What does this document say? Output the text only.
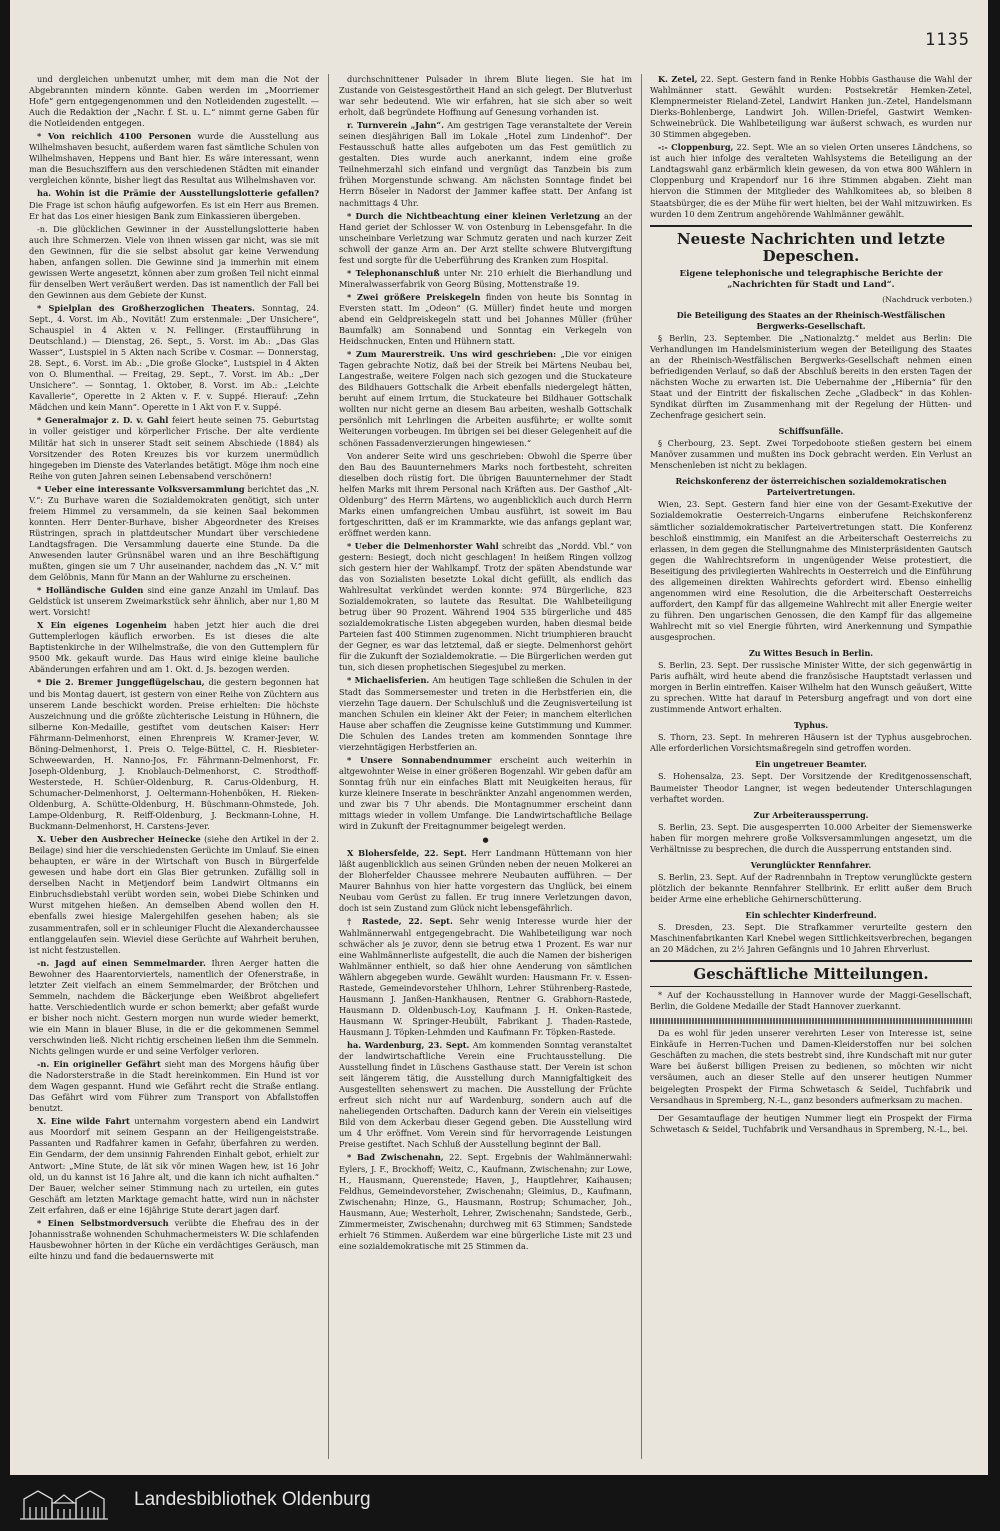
1135

und dergleichen unbenutzt umher, mit dem man die Not der Abgebrannten mindern könnte. Gaben werden im „Moorriemer Hofe“ gern entgegengenommen und den Notleidenden zugestellt. — Auch die Redaktion der „Nachr. f. St. u. L.“ nimmt gerne Gaben für die Notleidenden entgegen.

* Von reichlich 4100 Personen wurde die Ausstellung aus Wilhelmshaven besucht, außerdem waren fast sämtliche Schulen von Wilhelmshaven, Heppens und Bant hier. Es wäre interessant, wenn man die Besuchsziffern aus den verschiedenen Städten mit einander vergleichen könnte, bisher liegt das Resultat aus Wilhelmshaven vor.

ha. Wohin ist die Prämie der Ausstellungslotterie gefallen? Die Frage ist schon häufig aufgeworfen. Es ist ein Herr aus Bremen. Er hat das Los einer hiesigen Bank zum Einkassieren übergeben.

-n. Die glücklichen Gewinner in der Ausstellungslotterie haben auch ihre Schmerzen. Viele von ihnen wissen gar nicht, was sie mit den Gewinnen, für die sie selbst absolut gar keine Verwendung haben, anfangen sollen. Die Gewinne sind ja immerhin mit einem gewissen Werte angesetzt, können aber zum großen Teil nicht einmal für denselben Wert veräußert werden. Das ist namentlich der Fall bei den Gewinnen aus dem Gebiete der Kunst.

* Spielplan des Großherzoglichen Theaters. Sonntag, 24. Sept., 4. Vorst. im Ab., Novität! Zum erstenmale: „Der Unsichere“, Schauspiel in 4 Akten v. N. Fellinger. (Erstaufführung in Deutschland.) — Dienstag, 26. Sept., 5. Vorst. im Ab.: „Das Glas Wasser“, Lustspiel in 5 Akten nach Scribe v. Cosmar. — Donnerstag, 28. Sept., 6. Vorst. im Ab.: „Die große Glocke“, Lustspiel in 4 Akten von O. Blumenthal. — Freitag, 29. Sept., 7. Vorst. im Ab.: „Der Unsichere“. — Sonntag, 1. Oktober, 8. Vorst. im Ab.: „Leichte Kavallerie“, Operette in 2 Akten v. F. v. Suppé. Hierauf: „Zehn Mädchen und kein Mann“. Operette in 1 Akt von F. v. Suppé.

* Generalmajor z. D. v. Gahl feiert heute seinen 75. Geburtstag in voller geistiger und körperlicher Frische. Der alte verdiente Militär hat sich in unserer Stadt seit seinem Abschiede (1884) als Vorsitzender des Roten Kreuzes bis vor kurzem unermüdlich hingegeben im Dienste des Vaterlandes betätigt. Möge ihm noch eine Reihe von guten Jahren seinen Lebensabend verschönern!

* Ueber eine interessante Volksversammlung berichtet das „N. V.“: Zu Burhave waren die Sozialdemokraten genötigt, sich unter freiem Himmel zu versammeln, da sie keinen Saal bekommen konnten. Herr Denter-Burhave, bisher Abgeordneter des Kreises Rüstringen, sprach in plattdeutscher Mundart über verschiedene Landtagsfragen. Die Versammlung dauerte eine Stunde. Da die Anwesenden lauter Grünsnäbel waren und an ihre Beschäftigung mußten, gingen sie um 7 Uhr auseinander, nachdem das „N. V.“ mit dem Gelöbnis, Mann für Mann an der Wahlurne zu erscheinen.

* Holländische Gulden sind eine ganze Anzahl im Umlauf. Das Geldstück ist unserem Zweimarkstück sehr ähnlich, aber nur 1,80 M wert. Vorsicht!

X Ein eigenes Logenheim haben jetzt hier auch die drei Guttemplerlogen käuflich erworben. Es ist dieses die alte Baptistenkirche in der Wilhelmstraße, die von den Guttemplern für 9500 Mk. gekauft wurde. Das Haus wird einige kleine bauliche Abänderungen erfahren und am 1. Okt. d. Js. bezogen werden.

* Die 2. Bremer Junggeflügelschau, die gestern begonnen hat und bis Montag dauert, ist gestern von einer Reihe von Züchtern aus unserem Lande beschickt worden. Preise erhielten: Die höchste Auszeichnung und die größte züchterische Leistung in Hühnern, die silberne Kon-Medaille, gestiftet vom deutschen Kaiser: Herr Fährmann-Delmenhorst, einen Ehrenpreis W. Kramer-Jever, W. Böning-Delmenhorst, 1. Preis O. Telge-Büttel, C. H. Riesbieter-Schweewarden, H. Nanno-Jos, Fr. Fährmann-Delmenhorst, Fr. Joseph-Oldenburg, J. Knoblauch-Delmenhorst, C. Strodthoff-Westerstede, H. Schüer-Oldenburg, R. Carus-Oldenburg, H. Schumacher-Delmenhorst, J. Oeltermann-Hohenböken, H. Rieken-Oldenburg, A. Schütte-Oldenburg, H. Büschmann-Ohmstede, Joh. Lampe-Oldenburg, R. Reiff-Oldenburg, J. Beckmann-Lohne, H. Buckmann-Delmenhorst, H. Carstens-Jever.

X. Ueber den Ausbrecher Heinecke (siehe den Artikel in der 2. Beilage) sind hier die verschiedensten Gerüchte im Umlauf. Sie einen behaupten, er wäre in der Wirtschaft von Busch in Bürgerfelde gewesen und habe dort ein Glas Bier getrunken. Zufällig soll in derselben Nacht in Metjendorf beim Landwirt Oltmanns ein Einbruchsdiebstahl verübt worden sein, wobei Diebe Schinken und Wurst mitgehen hießen. An demselben Abend wollen den H. ebenfalls zwei hiesige Malergehilfen gesehen haben; als sie zusammentrafen, soll er in schleuniger Flucht die Alexanderchaussee entlanggelaufen sein. Wieviel diese Gerüchte auf Wahrheit beruhen, ist nicht festzustellen.

-n. Jagd auf einen Semmelmarder. Ihren Aerger hatten die Bewohner des Haarentorviertels, namentlich der Ofenerstraße, in letzter Zeit vielfach an einem Semmelmarder, der Brötchen und Semmeln, nachdem die Bäckerjunge eben Weißbrot abgeliefert hatte. Verschiedentlich wurde er schon bemerkt; aber gefaßt wurde er bisher noch nicht. Gestern morgen nun wurde wieder bemerkt, wie ein Mann in blauer Bluse, in die er die gekommenen Semmel verschwinden ließ. Nicht richtig erscheinen ließen ihm die Semmeln. Nichts gelingen wurde er und seine Verfolger verloren.

-n. Ein origineller Gefährt sieht man des Morgens häufig über die Nadorsterstraße in die Stadt hereinkommen. Ein Hund ist vor dem Wagen gespannt. Hund wie Gefährt recht die Straße entlang. Das Gefährt wird vom Führer zum Transport von Abfallstoffen benutzt.

X. Eine wilde Fahrt unternahm vorgestern abend ein Landwirt aus Moordorf mit seinem Gespann an der Heiligengeiststraße. Passanten und Radfahrer kamen in Gefahr, überfahren zu werden. Ein Gendarm, der dem unsinnig Fahrenden Einhalt gebot, erhielt zur Antwort: „Mine Stute, de lät sik vör minen Wagen hew, ist 16 Johr old, un du kannst ist 16 Jahre alt, und die kann ich nicht aufhalten.“ Der Bauer, welcher seiner Stimmung nach zu urteilen, ein gutes Geschäft am letzten Marktage gemacht hatte, wird nun in nächster Zeit erfahren, daß er eine 16jährige Stute derart jagen darf.

* Einen Selbstmordversuch verübte die Ehefrau des in der Johannisstraße wohnenden Schuhmachermeisters W. Die schlafenden Hausbewohner hörten in der Küche ein verdächtiges Geräusch, man eilte hinzu und fand die bedauernswerte mit

durchschnittener Pulsader in ihrem Blute liegen. Sie hat im Zustande von Geistesgestörtheit Hand an sich gelegt. Der Blutverlust war sehr bedeutend. Wie wir erfahren, hat sie sich aber so weit erholt, daß begründete Hoffnung auf Genesung vorhanden ist.

r. Turnverein „Jahn“. Am gestrigen Tage veranstaltete der Verein seinen diesjährigen Ball im Lokale „Hotel zum Lindenhof“. Der Festausschuß hatte alles aufgeboten um das Fest gemütlich zu gestalten. Dies wurde auch anerkannt, indem eine große Teilnehmerzahl sich einfand und vergnügt das Tanzbein bis zum frühen Morgenstunde schwang. Am nächsten Sonntage findet bei Herrn Böseler in Nadorst der Jammer kaffee statt. Der Anfang ist nachmittags 4 Uhr.

* Durch die Nichtbeachtung einer kleinen Verletzung an der Hand geriet der Schlosser W. von Ostenburg in Lebensgefahr. In die unscheinbare Verletzung war Schmutz geraten und nach kurzer Zeit schwoll der ganze Arm an. Der Arzt stellte schwere Blutvergiftung fest und sorgte für die Ueberführung des Kranken zum Hospital.

* Telephonanschluß unter Nr. 210 erhielt die Bierhandlung und Mineralwasserfabrik von Georg Büsing, Mottenstraße 19.

* Zwei größere Preiskegeln finden von heute bis Sonntag in Eversten statt. Im „Odeon“ (G. Müller) findet heute und morgen abend ein Geldpreiskegeln statt und bei Johannes Müller (früher Baumfalk) am Sonnabend und Sonntag ein Verkegeln von Heidschnucken, Enten und Hühnern statt.

* Zum Maurerstreik. Uns wird geschrieben: „Die vor einigen Tagen gebrachte Notiz, daß bei der Streik bei Märtens Neubau bei, Langestraße, weitere Folgen nach sich gezogen und die Stuckateure des Bildhauers Gottschalk die Arbeit ebenfalls niedergelegt hätten, beruht auf einem Irrtum, die Stuckateure bei Bildhauer Gottschalk wollten nur nicht gerne an diesem Bau arbeiten, weshalb Gottschalk persönlich mit Lehrlingen die Arbeiten ausführte; er wollte somit Weiterungen vorbeugen. Im übrigen sei bei dieser Gelegenheit auf die schönen Fassadenverzierungen hingewiesen.“

Von anderer Seite wird uns geschrieben: Obwohl die Sperre über den Bau des Bauunternehmers Marks noch fortbesteht, schreiten dieselben doch rüstig fort. Die übrigen Bauunternehmer der Stadt helfen Marks mit ihrem Personal nach Kräften aus. Der Gasthof „Alt-Oldenburg“ des Herrn Märtens, wo augenblicklich auch durch Herrn Marks einen umfangreichen Umbau ausführt, ist soweit im Bau fortgeschritten, daß er im Krammarkte, wie das anfangs geplant war, eröffnet werden kann.

* Ueber die Delmenhorster Wahl schreibt das „Nordd. Vbl.“ von gestern: Besiegt, doch nicht geschlagen! In heißem Ringen vollzog sich gestern hier der Wahlkampf. Trotz der späten Abendstunde war das von Sozialisten besetzte Lokal dicht gefüllt, als endlich das Wahlresultat verkündet werden konnte: 974 Bürgerliche, 823 Sozialdemokraten, so lautete das Resultat. Die Wahlbeteiligung betrug über 90 Prozent. Während 1904 535 bürgerliche und 485 sozialdemokratische Listen abgegeben wurden, haben diesmal beide Parteien fast 400 Stimmen zugenommen. Nicht triumphieren braucht der Gegner, es war das letztemal, daß er siegte. Delmenhorst gehört für die Zukunft der Sozialdemokratie. — Die Bürgerlichen werden gut tun, sich diesen prophetischen Siegesjubel zu merken.

* Michaelisferien. Am heutigen Tage schließen die Schulen in der Stadt das Sommersemester und treten in die Herbstferien ein, die vierzehn Tage dauern. Der Schulschluß und die Zeugnisverteilung ist manchen Schulen ein kleiner Akt der Feier; in manchem elterlichen Hause aber schaffen die Zeugnisse keine Gutstimmung und Kummer. Die Schulen des Landes treten am kommenden Sonntage ihre vierzehntägigen Herbstferien an.

* Unsere Sonnabendnummer erscheint auch weiterhin in altgewohnter Weise in einer größeren Bogenzahl. Wir geben dafür am Sonntag früh nur ein einfaches Blatt mit Neuigkeiten heraus, für kurze kleinere Inserate in beschränkter Anzahl angenommen werden, und zwar bis 7 Uhr abends. Die Montagnummer erscheint dann mittags wieder in vollem Umfange. Die Landwirtschaftliche Beilage wird in Zukunft der Freitagnummer beigelegt werden.

●

X Blohersfelde, 22. Sept. Herr Landmann Hüttemann von hier läßt augenblicklich aus seinen Gründen neben der neuen Molkerei an der Bloherfelder Chaussee mehrere Neubauten aufführen. — Der Maurer Bahnhus von hier hatte vorgestern das Unglück, bei einem Neubau vom Gerüst zu fallen. Er trug innere Verletzungen davon, doch ist sein Zustand zum Glück nicht lebensgefährlich.

† Rastede, 22. Sept. Sehr wenig Interesse wurde hier der Wahlmännerwahl entgegengebracht. Die Wahlbeteiligung war noch schwächer als je zuvor, denn sie betrug etwa 1 Prozent. Es war nur eine Wahlmännerliste aufgestellt, die auch die Namen der bisherigen Wahlmänner enthielt, so daß hier ohne Aenderung von sämtlichen Wählern abgegeben wurde. Gewählt wurden: Hausmann Fr. v. Essen-Rastede, Gemeindevorsteher Uhlhorn, Lehrer Stührenberg-Rastede, Hausmann J. Janßen-Hankhausen, Rentner G. Grabhorn-Rastede, Hausmann D. Oldenbusch-Loy, Kaufmann J. H. Onken-Rastede, Hausmann W. Springer-Heubült, Fabrikant J. Thaden-Rastede, Hausmann J. Töpken-Lehmden und Kaufmann Fr. Töpken-Rastede.

ha. Wardenburg, 23. Sept. Am kommenden Sonntag veranstaltet der landwirtschaftliche Verein eine Fruchtausstellung. Die Ausstellung findet in Lüschens Gasthause statt. Der Verein ist schon seit längerem tätig, die Ausstellung durch Mannigfaltigkeit des Ausgestellten sehenswert zu machen. Die Ausstellung der Früchte erfreut sich nicht nur auf Wardenburg, sondern auch auf die naheliegenden Ortschaften. Dadurch kann der Verein ein vielseitiges Bild von dem Ackerbau dieser Gegend geben. Die Ausstellung wird um 4 Uhr eröffnet. Vom Verein sind für hervorragende Leistungen Preise gestiftet. Nach Schluß der Ausstellung beginnt der Ball.

* Bad Zwischenahn, 22. Sept. Ergebnis der Wahlmännerwahl: Eylers, J. F., Brockhoff; Weitz, C., Kaufmann, Zwischenahn; zur Lowe, H., Hausmann, Querenstede; Haven, J., Hauptlehrer, Kaihausen; Feldhus, Gemeindevorsteher, Zwischenahn; Gleimius, D., Kaufmann, Zwischenahn; Hinze, G., Hausmann, Rostrup; Schumacher, Joh., Hausmann, Aue; Westerholt, Lehrer, Zwischenahn; Sandstede, Gerb., Zimmermeister, Zwischenahn; durchweg mit 63 Stimmen; Sandstede erhielt 76 Stimmen. Außerdem war eine bürgerliche Liste mit 23 und eine sozialdemokratische mit 25 Stimmen da.

K. Zetel, 22. Sept. Gestern fand in Renke Hobbis Gasthause die Wahl der Wahlmänner statt. Gewählt wurden: Postsekretär Hemken-Zetel, Klempnermeister Rieland-Zetel, Landwirt Hanken jun.-Zetel, Handelsmann Dierks-Bohlenberge, Landwirt Joh. Willen-Driefel, Gastwirt Wemken-Schweinebrück. Die Wahlbeteiligung war äußerst schwach, es wurden nur 30 Stimmen abgegeben.

-:- Cloppenburg, 22. Sept. Wie an so vielen Orten unseres Ländchens, so ist auch hier infolge des veralteten Wahlsystems die Beteiligung an der Landtagswahl ganz erbärmlich klein gewesen, da von etwa 800 Wählern in Cloppenburg und Krapendorf nur 16 ihre Stimmen abgaben. Zieht man hiervon die Stimmen der Mitglieder des Wahlkomitees ab, so bleiben 8 Staatsbürger, die es der Mühe für wert hielten, bei der Wahl mitzuwirken. Es wurden 10 dem Zentrum angehörende Wahlmänner gewählt.

Neueste Nachrichten und letzte Depeschen.
Eigene telephonische und telegraphische Berichte der „Nachrichten für Stadt und Land“.
(Nachdruck verboten.)
Die Beteiligung des Staates an der Rheinisch-Westfälischen Bergwerks-Gesellschaft.

§ Berlin, 23. September. Die „Nationalztg.“ meldet aus Berlin: Die Verhandlungen im Handelsministerium wegen der Beteiligung des Staates an der Rheinisch-Westfälischen Bergwerks-Gesellschaft nehmen einen befriedigenden Verlauf, so daß der Abschluß bereits in den ersten Tagen der nächsten Woche zu erwarten ist. Die Uebernahme der „Hibernia“ für den Staat und der Eintritt der fiskalischen Zeche „Gladbeck“ in das Kohlen-Syndikat dürften im Zusammenhang mit der Regelung der Hütten- und Zechenfrage gesichert sein.

Schiffsunfälle.

§ Cherbourg, 23. Sept. Zwei Torpedoboote stießen gestern bei einem Manöver zusammen und mußten ins Dock gebracht werden. Ein Verlust an Menschenleben ist nicht zu beklagen.

Reichskonferenz der österreichischen sozialdemokratischen Parteivertretungen.

Wien, 23. Sept. Gestern fand hier eine von der Gesamt-Exekutive der Sozialdemokratie Oesterreich-Ungarns einberufene Reichskonferenz sämtlicher sozialdemokratischer Parteivertretungen statt. Die Konferenz beschloß einstimmig, ein Manifest an die Arbeiterschaft Oesterreichs zu erlassen, in dem gegen die Stellungnahme des Ministerpräsidenten Gautsch gegen die Wahlrechtsreform in ungenügender Weise protestiert, die Beseitigung des privilegierten Wahlrechts in Oesterreich und die Einführung des allgemeinen direkten Wahlrechts gefordert wird. Ebenso einhellig angenommen wird eine Resolution, die die Arbeiterschaft Oesterreichs auffordert, den Kampf für das allgemeine Wahlrecht mit aller Energie weiter zu führen. Den ungarischen Genossen, die den Kampf für das allgemeine Wahlrecht mit so viel Energie führten, wird Anerkennung und Sympathie ausgesprochen.

Zu Wittes Besuch in Berlin.

S. Berlin, 23. Sept. Der russische Minister Witte, der sich gegenwärtig in Paris aufhält, wird heute abend die französische Hauptstadt verlassen und morgen in Berlin eintreffen. Kaiser Wilhelm hat den Wunsch geäußert, Witte zu sprechen. Witte hat darauf in Petersburg angefragt und von dort eine zustimmende Antwort erhalten.

Typhus.

S. Thorn, 23. Sept. In mehreren Häusern ist der Typhus ausgebrochen. Alle erforderlichen Vorsichtsmaßregeln sind getroffen worden.

Ein ungetreuer Beamter.

S. Hohensalza, 23. Sept. Der Vorsitzende der Kreditgenossenschaft, Baumeister Theodor Langner, ist wegen bedeutender Unterschlagungen verhaftet worden.

Zur Arbeiteraussperrung.

S. Berlin, 23. Sept. Die ausgesperrten 10.000 Arbeiter der Siemenswerke haben für morgen mehrere große Volksversammlungen angesetzt, um die Verhältnisse zu besprechen, die durch die Aussperrung entstanden sind.

Verunglückter Rennfahrer.

S. Berlin, 23. Sept. Auf der Radrennbahn in Treptow verunglückte gestern plötzlich der bekannte Rennfahrer Stellbrink. Er erlitt außer dem Bruch beider Arme eine erhebliche Gehirnerschütterung.

Ein schlechter Kinderfreund.

S. Dresden, 23. Sept. Die Strafkammer verurteilte gestern den Maschinenfabrikanten Karl Knebel wegen Sittlichkeitsverbrechen, begangen an 20 Mädchen, zu 2½ Jahren Gefängnis und 10 Jahren Ehrverlust.

Geschäftliche Mitteilungen.

* Auf der Kochausstellung in Hannover wurde der Maggi-Gesellschaft, Berlin, die Goldene Medaille der Stadt Hannover zuerkannt.

Da es wohl für jeden unserer verehrten Leser von Interesse ist, seine Einkäufe in Herren-Tuchen und Damen-Kleiderstoffen nur bei solchen Geschäften zu machen, die stets bestrebt sind, ihre Kundschaft mit nur guter Ware bei äußerst billigen Preisen zu bedienen, so möchten wir nicht versäumen, auch an dieser Stelle auf den unserer heutigen Nummer beigelegten Prospekt der Firma Schwetasch & Seidel, Tuchfabrik und Versandhaus in Spremberg, N.-L., ganz besonders aufmerksam zu machen.

Der Gesamtauflage der heutigen Nummer liegt ein Prospekt der Firma Schwetasch & Seidel, Tuchfabrik und Versandhaus in Spremberg, N.-L., bei.

Landesbibliothek Oldenburg
